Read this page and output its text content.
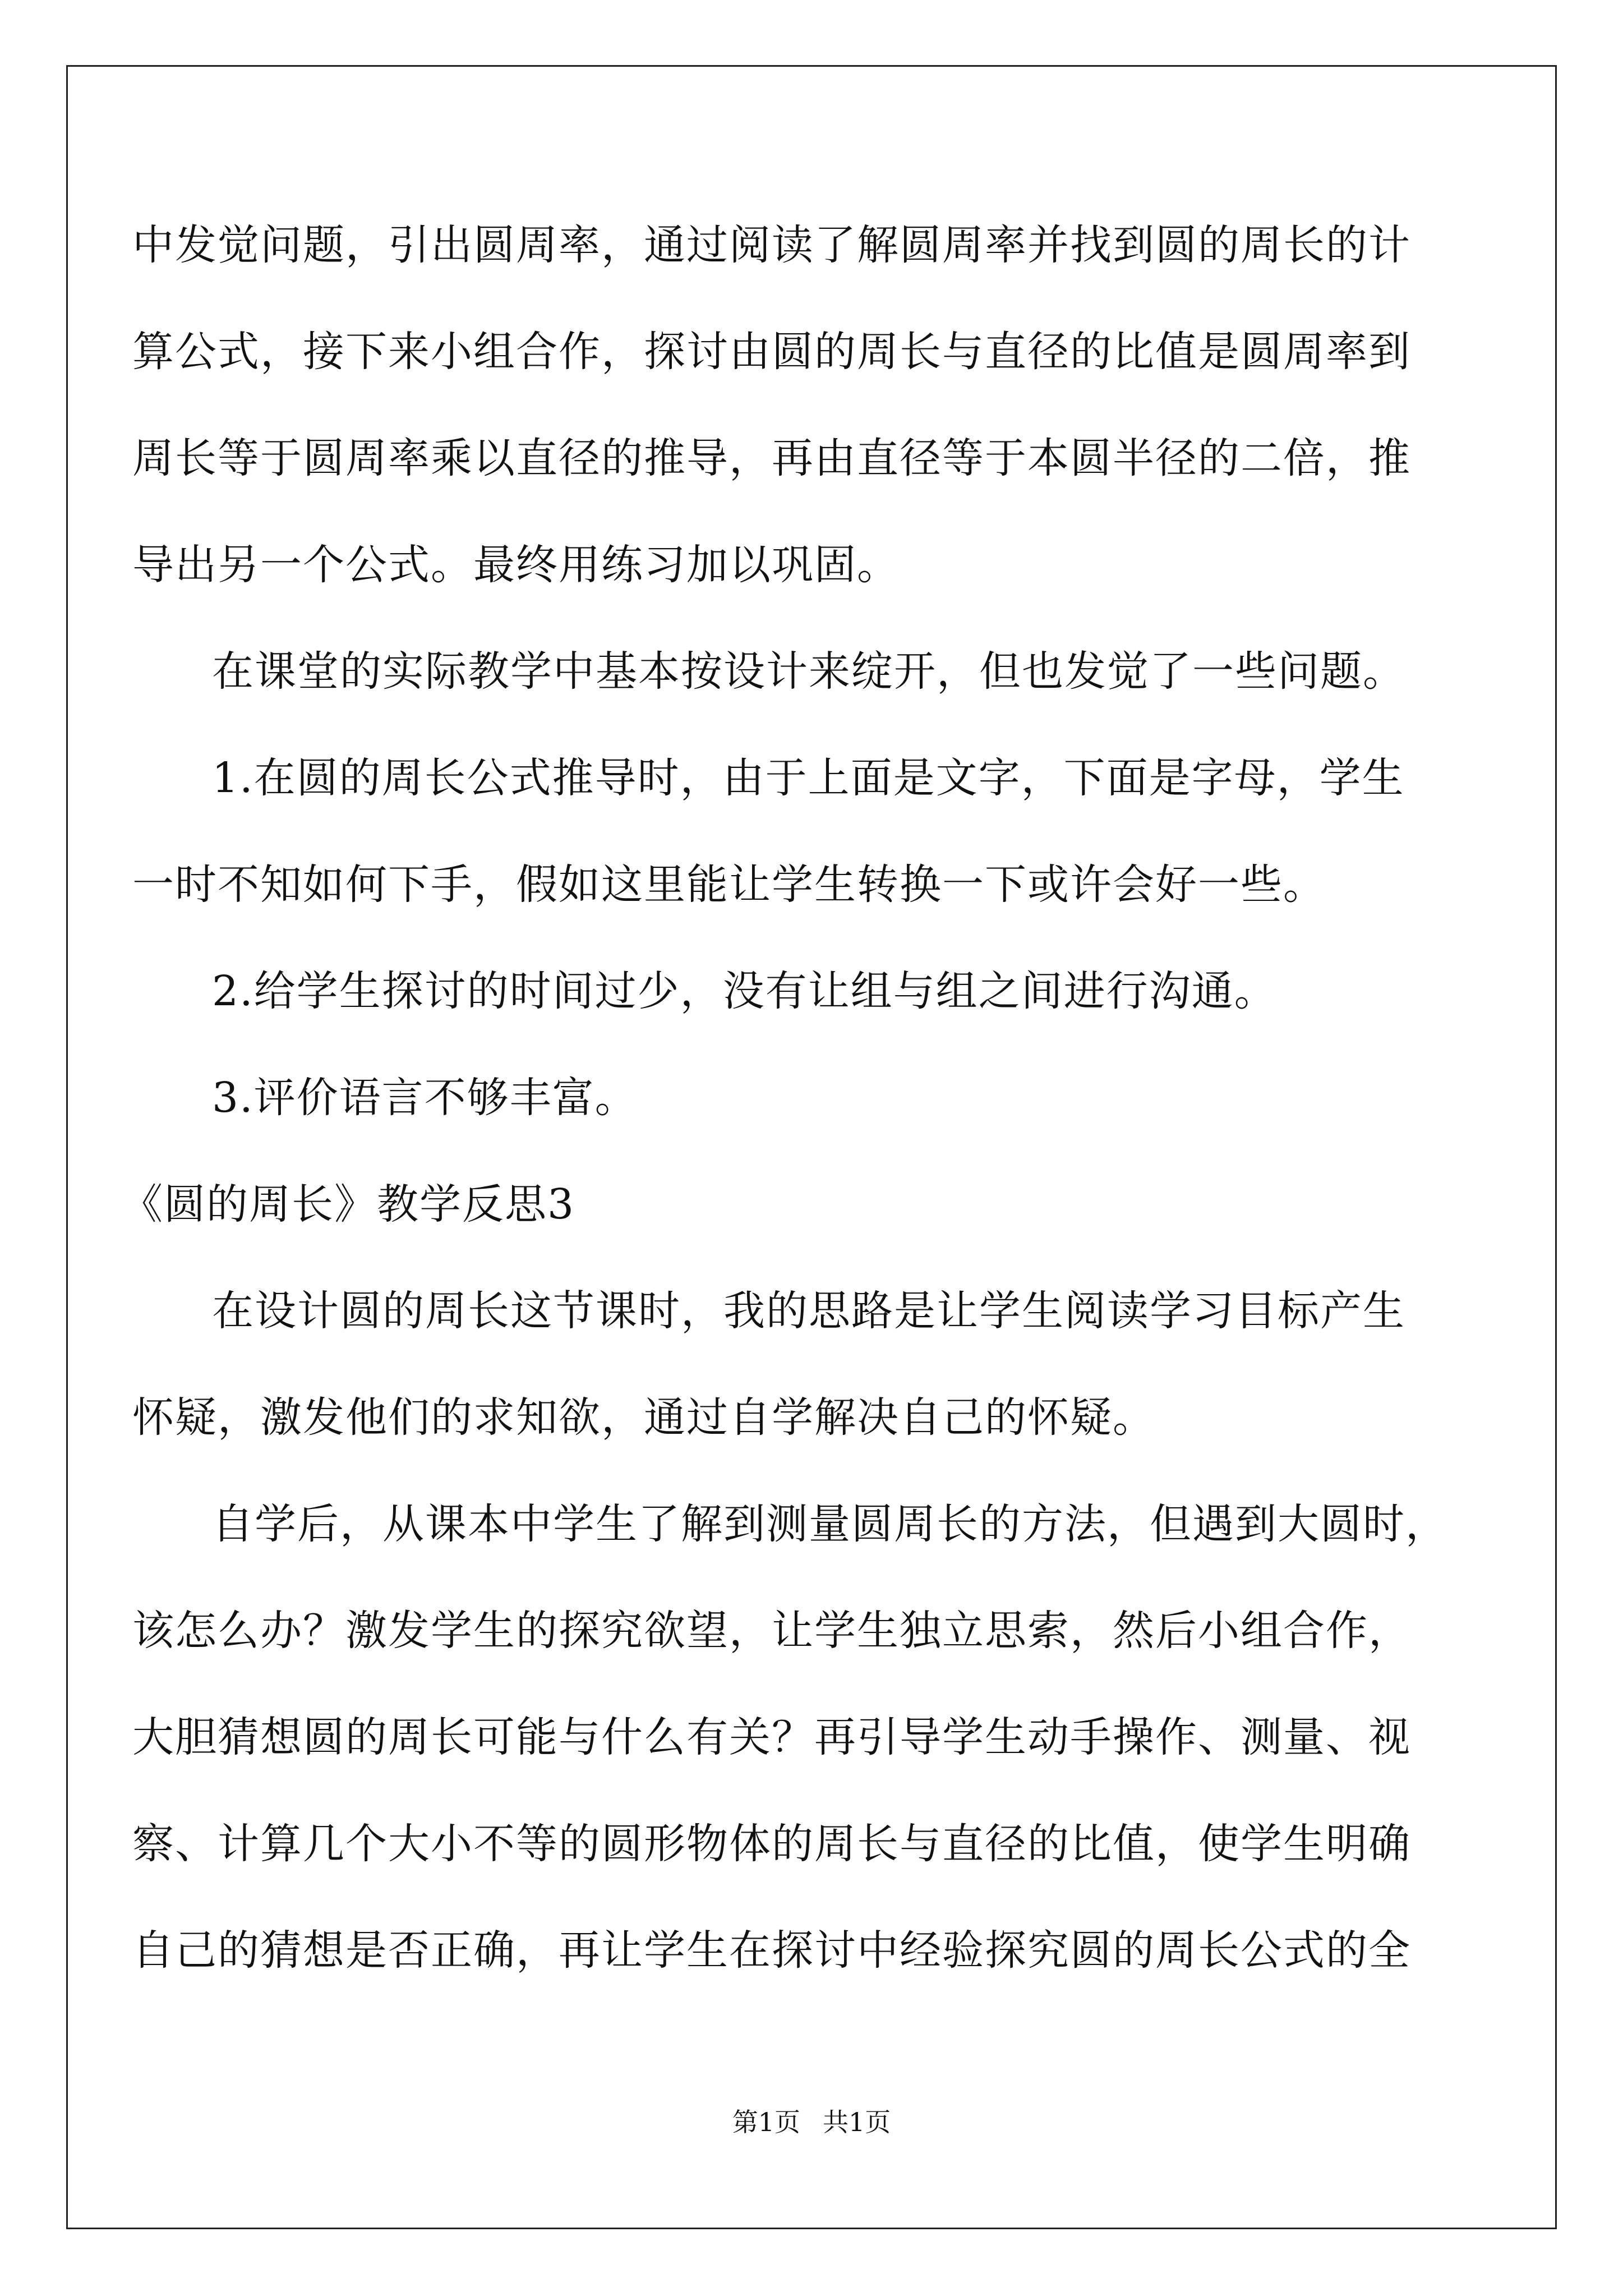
中发觉问题，引出圆周率，通过阅读了解圆周率并找到圆的周长的计
算公式，接下来小组合作，探讨由圆的周长与直径的比值是圆周率到
周长等于圆周率乘以直径的推导，再由直径等于本圆半径的二倍，推
导出另一个公式。最终用练习加以巩固。
在课堂的实际教学中基本按设计来绽开，但也发觉了一些问题。
1.在圆的周长公式推导时，由于上面是文字，下面是字母，学生
一时不知如何下手，假如这里能让学生转换一下或许会好一些。
2.给学生探讨的时间过少，没有让组与组之间进行沟通。
3.评价语言不够丰富。
《圆的周长》教学反思3
在设计圆的周长这节课时，我的思路是让学生阅读学习目标产生
怀疑，激发他们的求知欲，通过自学解决自己的怀疑。
自学后，从课本中学生了解到测量圆周长的方法，但遇到大圆时，
该怎么办？激发学生的探究欲望，让学生独立思索，然后小组合作，
大胆猜想圆的周长可能与什么有关？再引导学生动手操作、测量、视
察、计算几个大小不等的圆形物体的周长与直径的比值，使学生明确
自己的猜想是否正确，再让学生在探讨中经验探究圆的周长公式的全
第1页 共1页
